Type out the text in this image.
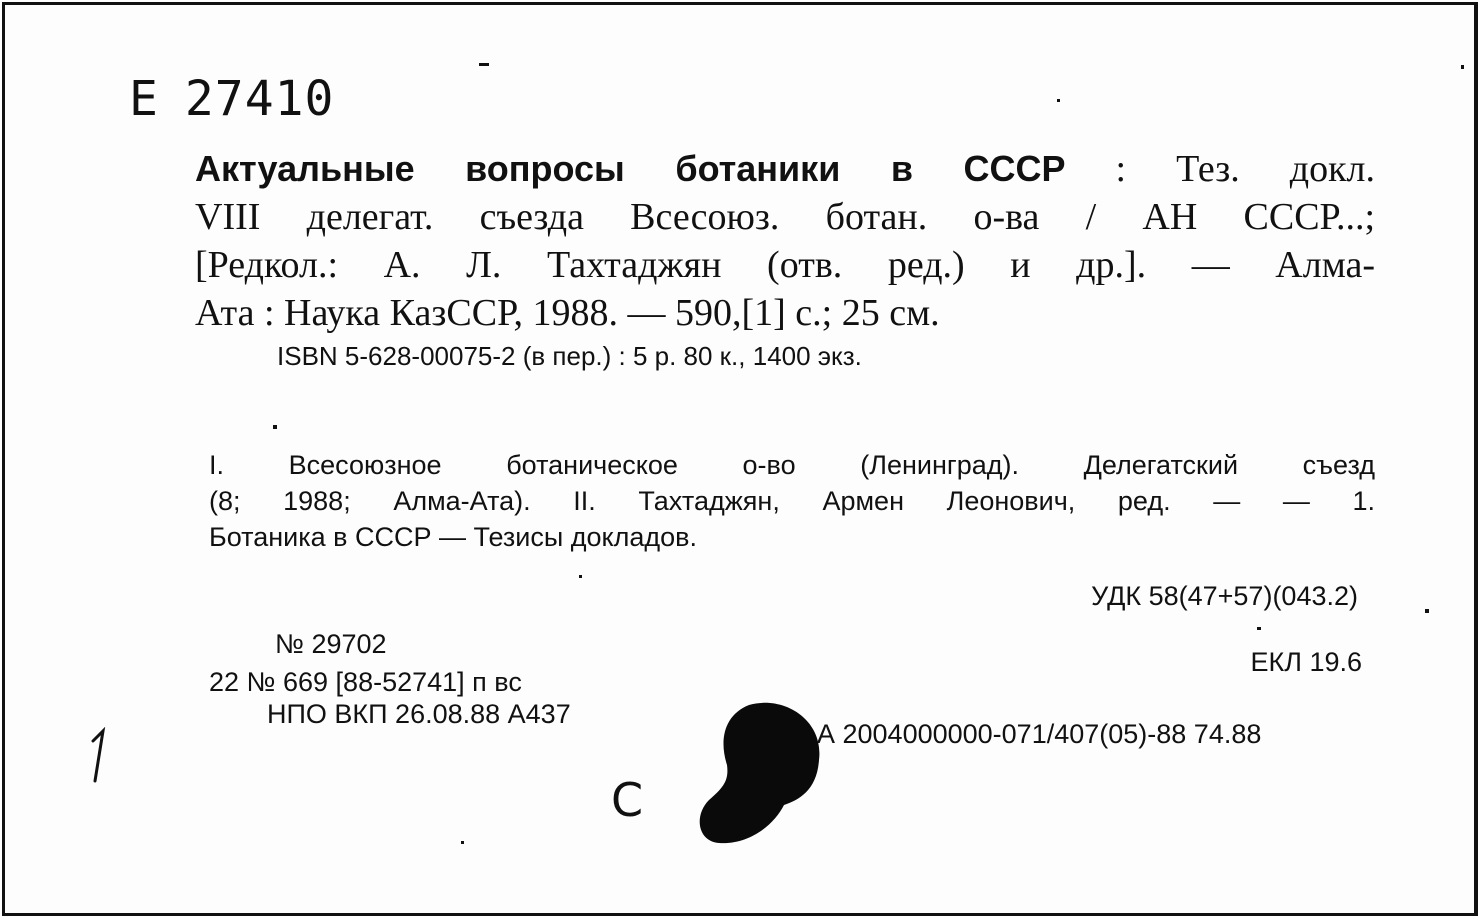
Е 27410
Актуальные вопросы ботаники в СССР : Тез. докл.
VIII делегат. съезда Всесоюз. ботан. о-ва / АН СССР...;
[Редкол.: А. Л. Тахтаджян (отв. ред.) и др.]. — Алма-
Ата : Наука КазССР, 1988. — 590,[1] с.; 25 см.
ISBN 5-628-00075-2 (в пер.) : 5 р. 80 к., 1400 экз.
I. Всесоюзное ботаническое о-во (Ленинград). Делегатский съезд
(8; 1988; Алма-Ата). II. Тахтаджян, Армен Леонович, ред. — — 1.
Ботаника в СССР — Тезисы докладов.
УДК 58(47+57)(043.2)
№ 29702
22 № 669 [88-52741] п вс
НПО ВКП 26.08.88 А437
ЕКЛ 19.6
А 2004000000-071/407(05)-88 74.88
С
